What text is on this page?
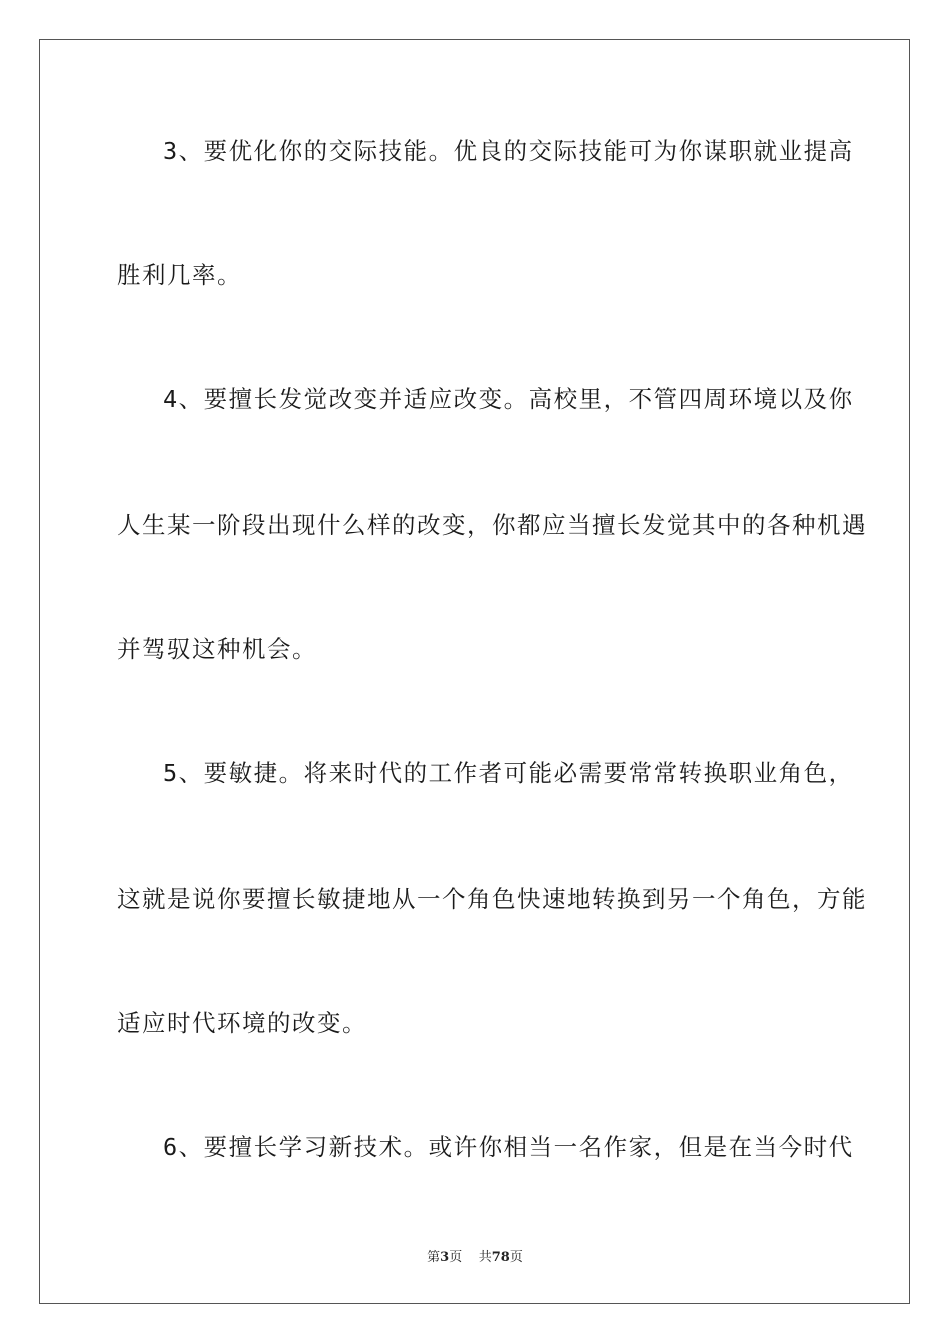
3、要优化你的交际技能。优良的交际技能可为你谋职就业提高
胜利几率。
4、要擅长发觉改变并适应改变。高校里，不管四周环境以及你
人生某一阶段出现什么样的改变，你都应当擅长发觉其中的各种机遇
并驾驭这种机会。
5、要敏捷。将来时代的工作者可能必需要常常转换职业角色，
这就是说你要擅长敏捷地从一个角色快速地转换到另一个角色，方能
适应时代环境的改变。
6、要擅长学习新技术。或许你相当一名作家，但是在当今时代
第3页 共78页
